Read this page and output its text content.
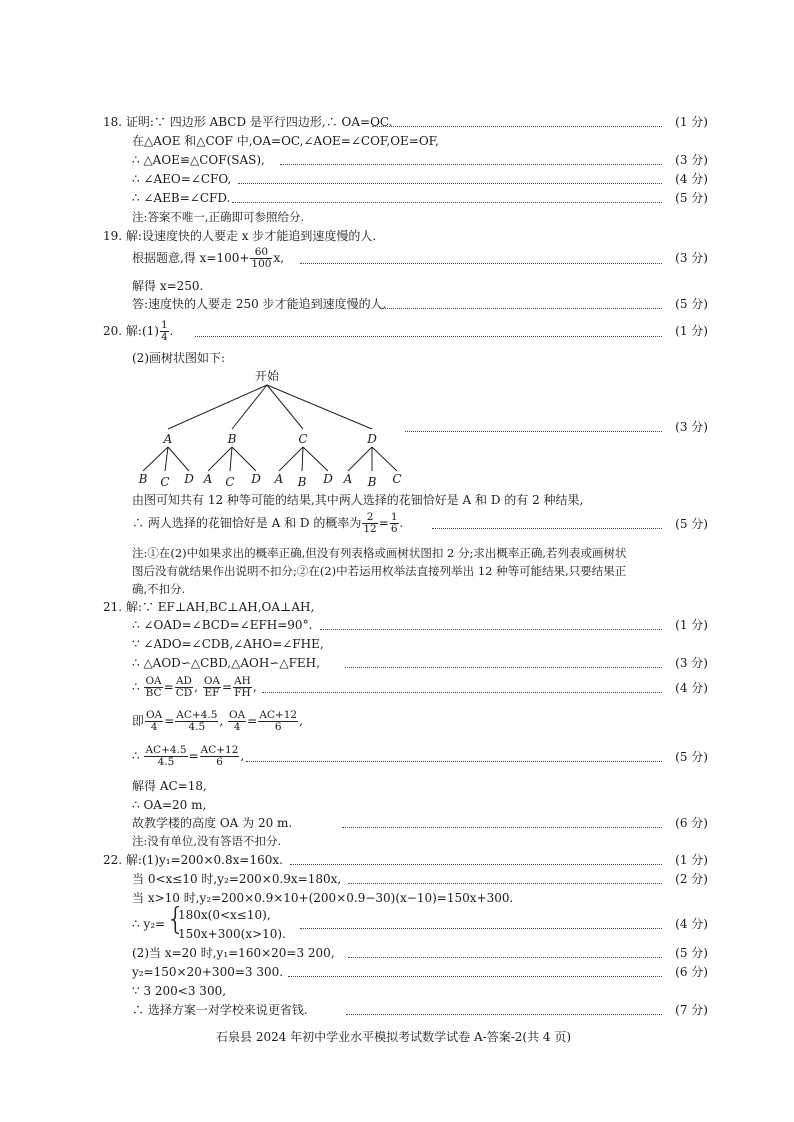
18. 证明:∵ 四边形 ABCD 是平行四边形,∴ OA=OC.	(1 分)
在△AOE 和△COF 中,OA=OC,∠AOE=∠COF,OE=OF,
∴ △AOE≌△COF(SAS),	(3 分)
∴ ∠AEO=∠CFO,	(4 分)
∴ ∠AEB=∠CFD.	(5 分)
注:答案不唯一,正确即可参照给分.
19. 解:设速度快的人要走 x 步才能追到速度慢的人.
根据题意,得 $x=100+ \frac{60}{100} x$,	(3 分)
解得 x=250.
答:速度快的人要走 250 步才能追到速度慢的人.	(5 分)
20. 解:(1) $\frac{1}{4}$ .	(1 分)
(2)画树状图如下:
开始
A	B	C	D
B C D A C D A B D A B C
(3 分)
由图可知共有 12 种等可能的结果,其中两人选择的花钿恰好是 A 和 D 的有 2 种结果,
∴ 两人选择的花钿恰好是 A 和 D 的概率为 $\frac{2}{12} = \frac{1}{6}$ .	(5 分)
注:①在(2)中如果求出的概率正确,但没有列表格或画树状图扣 2 分;求出概率正确,若列表或画树状
图后没有就结果作出说明不扣分;②在(2)中若运用枚举法直接列举出 12 种等可能结果,只要结果正
确,不扣分.
21. 解:∵ EF⊥AH,BC⊥AH,OA⊥AH,
∴ ∠OAD=∠BCD=∠EFH=90°.	(1 分)
∵ ∠ADO=∠CDB,∠AHO=∠FHE,
∴ △AOD∽△CBD,△AOH∽△FEH,	(3 分)
∴ $\frac{OA}{BC} = \frac{AD}{CD}$ , $\frac{OA}{EF} = \frac{AH}{FH}$ ,	(4 分)
即 $\frac{OA}{4} = \frac{AC+4.5}{4.5}$ , $\frac{OA}{4} = \frac{AC+12}{6}$ ,
∴ $\frac{AC+4.5}{4.5} = \frac{AC+12}{6}$ ,	(5 分)
解得 AC=18,
∴ OA=20 m,
故教学楼的高度 OA 为 20 m.	(6 分)
注:没有单位,没有答语不扣分.
22. 解:(1)y₁=200×0.8x=160x.	(1 分)
当 0<x≤10 时,y₂=200×0.9x=180x,	(2 分)
当 x>10 时,y₂=200×0.9×10+(200×0.9−30)(x−10)=150x+300.
∴ y₂= {
180x(0<x≤10),
150x+300(x>10).
(4 分)
(2)当 x=20 时,y₁=160×20=3 200,	(5 分)
y₂=150×20+300=3 300.	(6 分)
∵ 3 200<3 300,
∴ 选择方案一对学校来说更省钱.	(7 分)
石泉县 2024 年初中学业水平模拟考试数学试卷 A-答案-2(共 4 页)
